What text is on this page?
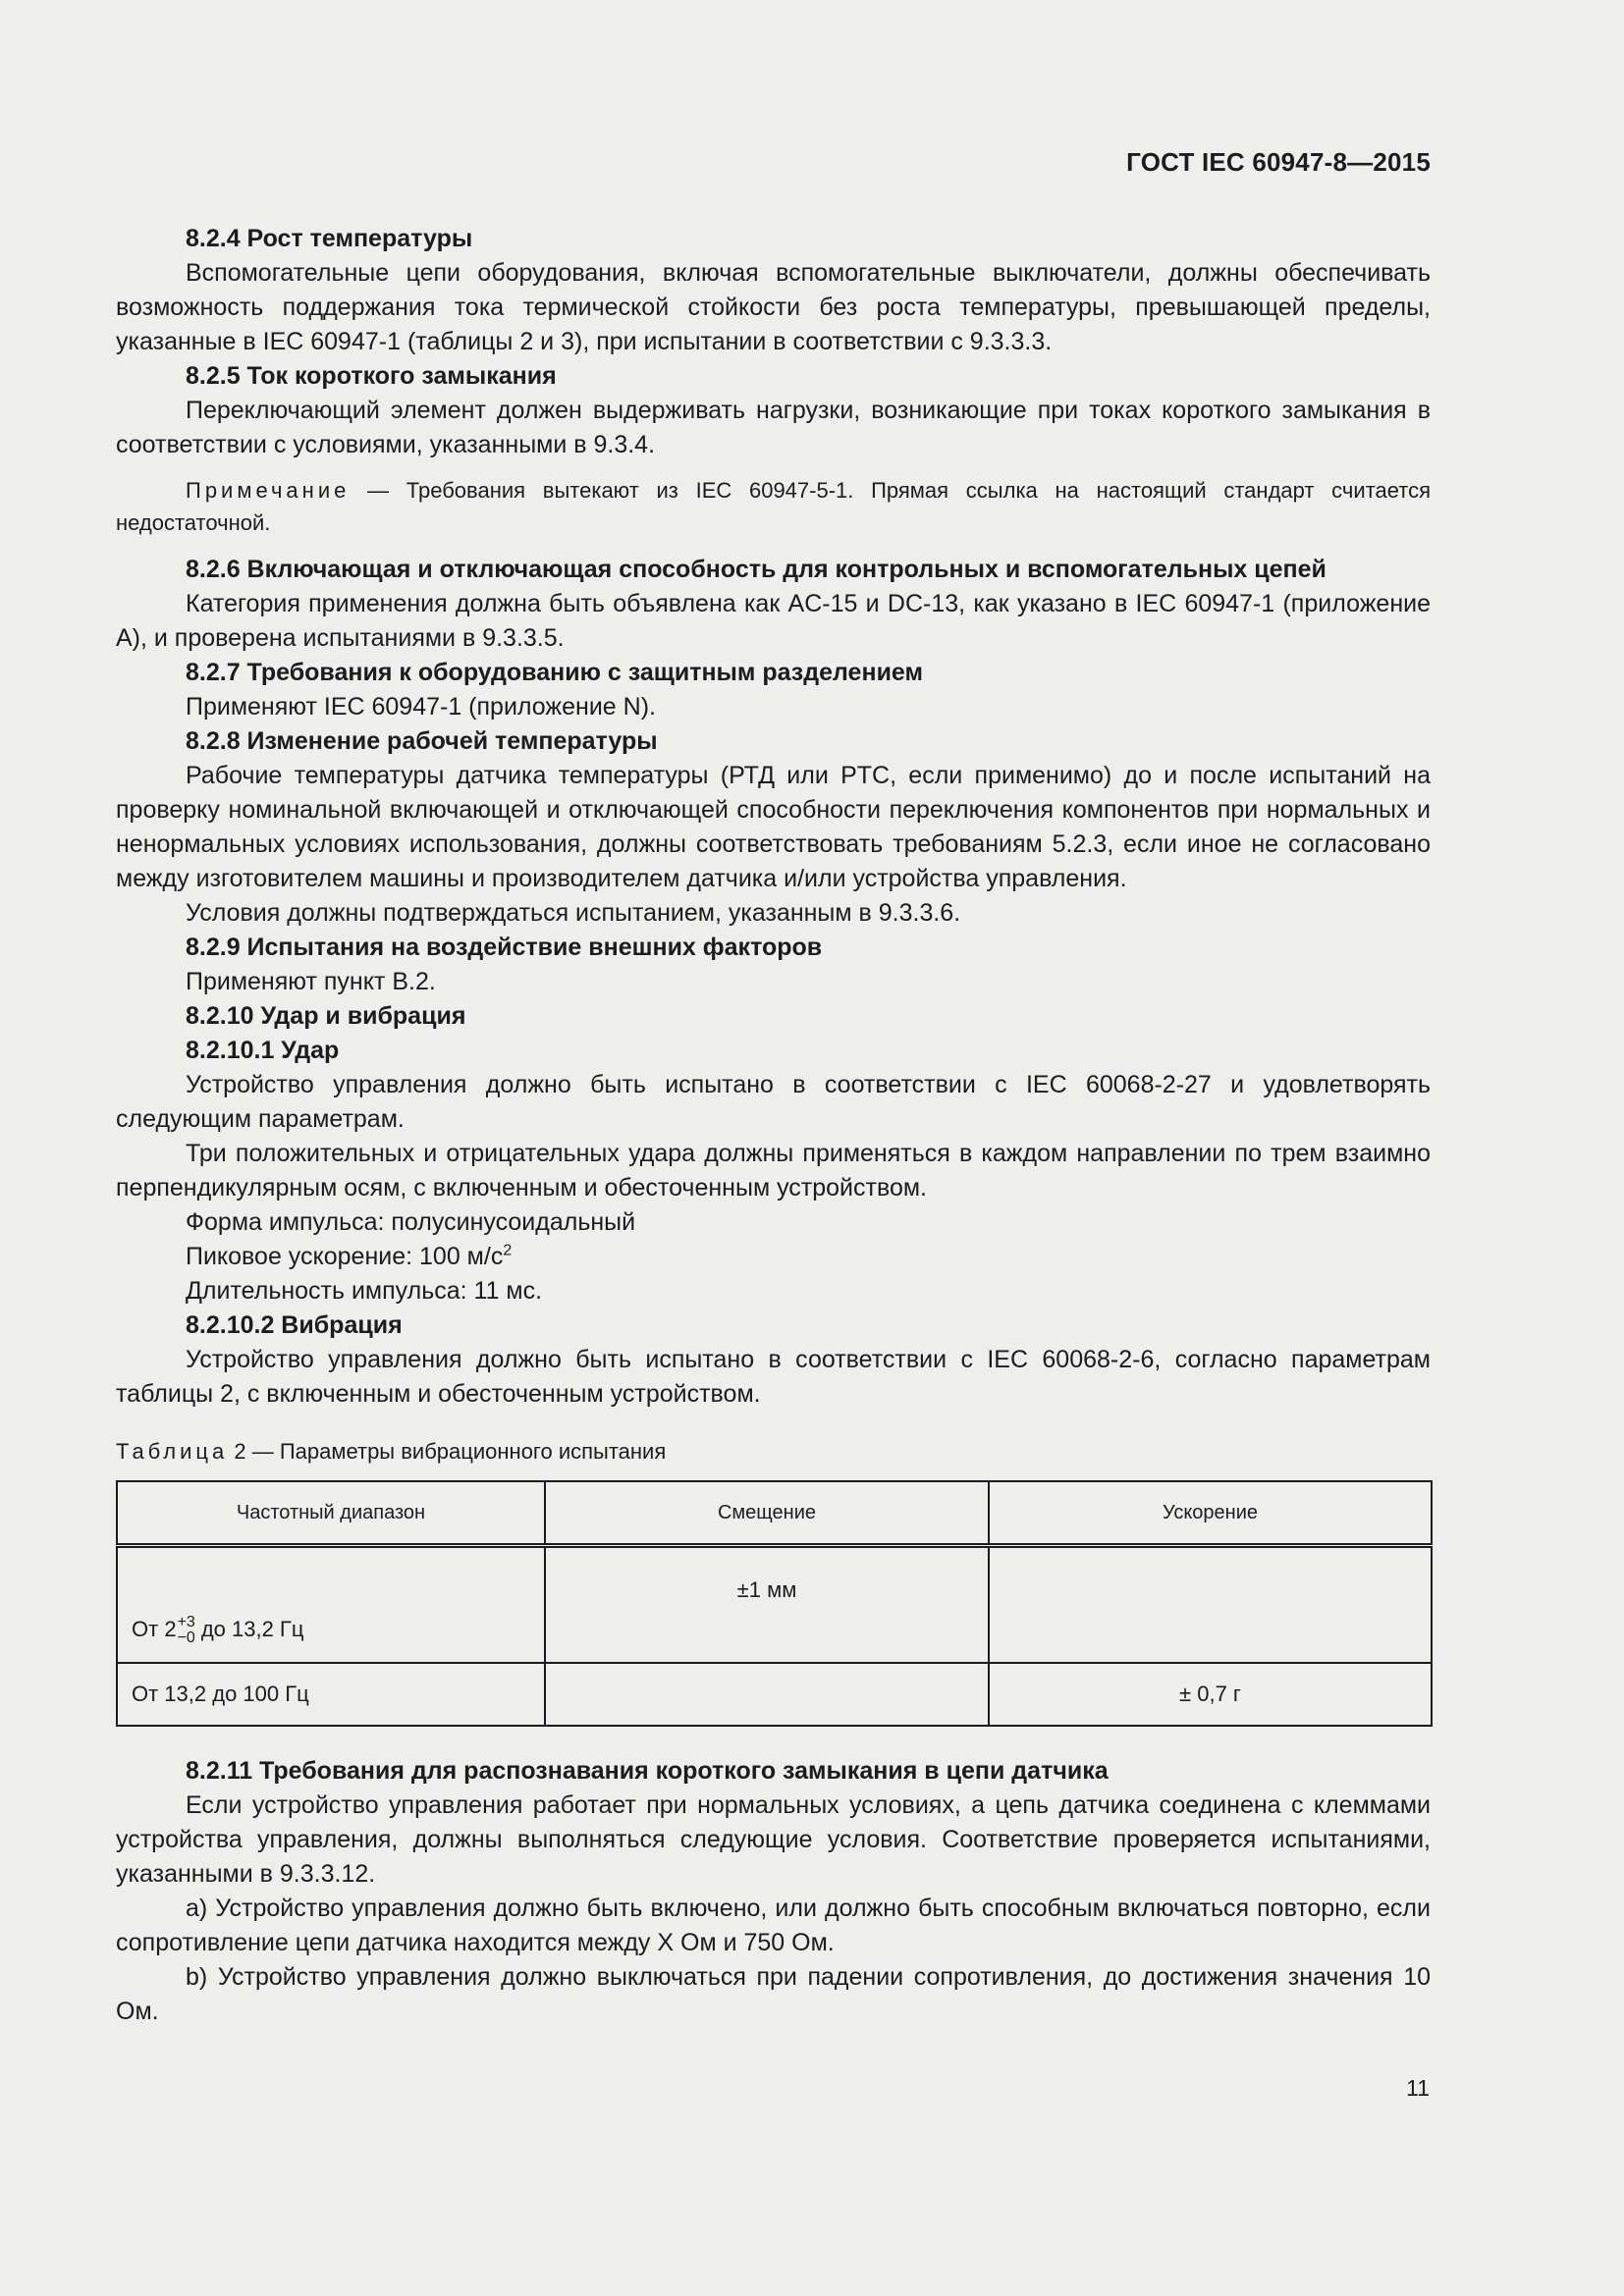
ГОСТ IEC 60947-8—2015

8.2.4 Рост температуры

Вспомогательные цепи оборудования, включая вспомогательные выключатели, должны обеспечивать возможность поддержания тока термической стойкости без роста температуры, превышающей пределы, указанные в IEC 60947-1 (таблицы 2 и 3), при испытании в соответствии с 9.3.3.3.

8.2.5 Ток короткого замыкания

Переключающий элемент должен выдерживать нагрузки, возникающие при токах короткого замыкания в соответствии с условиями, указанными в 9.3.4.

Примечание — Требования вытекают из IEC 60947-5-1. Прямая ссылка на настоящий стандарт считается недостаточной.

8.2.6 Включающая и отключающая способность для контрольных и вспомогательных цепей

Категория применения должна быть объявлена как AC-15 и DC-13, как указано в IEC 60947-1 (приложение A), и проверена испытаниями в 9.3.3.5.

8.2.7 Требования к оборудованию с защитным разделением

Применяют IEC 60947-1 (приложение N).

8.2.8 Изменение рабочей температуры

Рабочие температуры датчика температуры (РТД или PTC, если применимо) до и после испытаний на проверку номинальной включающей и отключающей способности переключения компонентов при нормальных и ненормальных условиях использования, должны соответствовать требованиям 5.2.3, если иное не согласовано между изготовителем машины и производителем датчика и/или устройства управления.

Условия должны подтверждаться испытанием, указанным в 9.3.3.6.

8.2.9 Испытания на воздействие внешних факторов

Применяют пункт B.2.

8.2.10 Удар и вибрация

8.2.10.1 Удар

Устройство управления должно быть испытано в соответствии с IEC 60068-2-27 и удовлетворять следующим параметрам.

Три положительных и отрицательных удара должны применяться в каждом направлении по трем взаимно перпендикулярным осям, с включенным и обесточенным устройством.

Форма импульса: полусинусоидальный

Пиковое ускорение: 100 $м/с^2$

Длительность импульса: 11 мс.

8.2.10.2 Вибрация

Устройство управления должно быть испытано в соответствии с IEC 60068-2-6, согласно параметрам таблицы 2, с включенным и обесточенным устройством.

Таблица 2 — Параметры вибрационного испытания

Частотный диапазон	Смещение	Ускорение
От 2 +3
−0 до 13,2 Гц	±1 мм	
От 13,2 до 100 Гц		± 0,7 г

8.2.11 Требования для распознавания короткого замыкания в цепи датчика

Если устройство управления работает при нормальных условиях, а цепь датчика соединена с клеммами устройства управления, должны выполняться следующие условия. Соответствие проверяется испытаниями, указанными в 9.3.3.12.

a) Устройство управления должно быть включено, или должно быть способным включаться повторно, если сопротивление цепи датчика находится между X Ом и 750 Ом.

b) Устройство управления должно выключаться при падении сопротивления, до достижения значения 10 Ом.

11
